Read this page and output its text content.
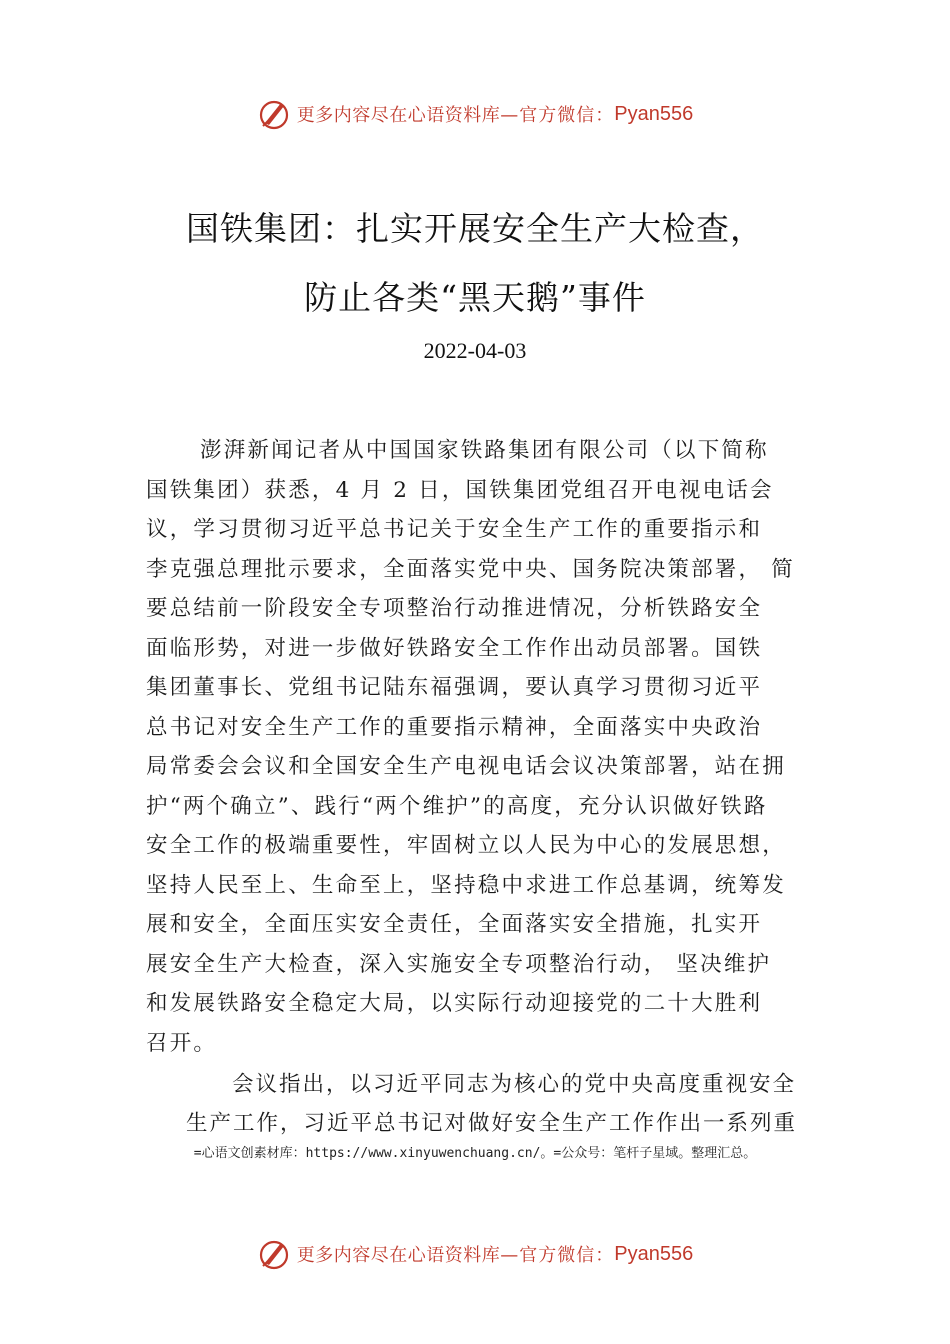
更多内容尽在心语资料库 —官方微信： Pyan556
国铁集团：扎实开展安全生产大检查，
防止各类“黑天鹅”事件
2022-04-03
澎湃新闻记者从中国国家铁路集团有限公司（以下简称
国铁集团）获悉，4 月 2 日，国铁集团党组召开电视电话会
议，学习贯彻习近平总书记关于安全生产工作的重要指示和
李克强总理批示要求，全面落实党中央、国务院决策部署， 简
要总结前一阶段安全专项整治行动推进情况，分析铁路安全
面临形势，对进一步做好铁路安全工作作出动员部署。国铁
集团董事长、党组书记陆东福强调，要认真学习贯彻习近平
总书记对安全生产工作的重要指示精神，全面落实中央政治
局常委会会议和全国安全生产电视电话会议决策部署，站在拥
护“两个确立”、践行“两个维护”的高度，充分认识做好铁路
安全工作的极端重要性，牢固树立以人民为中心的发展思想，
坚持人民至上、生命至上，坚持稳中求进工作总基调，统筹发
展和安全，全面压实安全责任，全面落实安全措施，扎实开
展安全生产大检查，深入实施安全专项整治行动， 坚决维护
和发展铁路安全稳定大局，以实际行动迎接党的二十大胜利
召开。
会议指出，以习近平同志为核心的党中央高度重视安全
生产工作，习近平总书记对做好安全生产工作作出一系列重
=心语文创素材库：https://www.xinyuwenchuang.cn/。=公众号：笔杆子星域。整理汇总。
更多内容尽在心语资料库 —官方微信： Pyan556
